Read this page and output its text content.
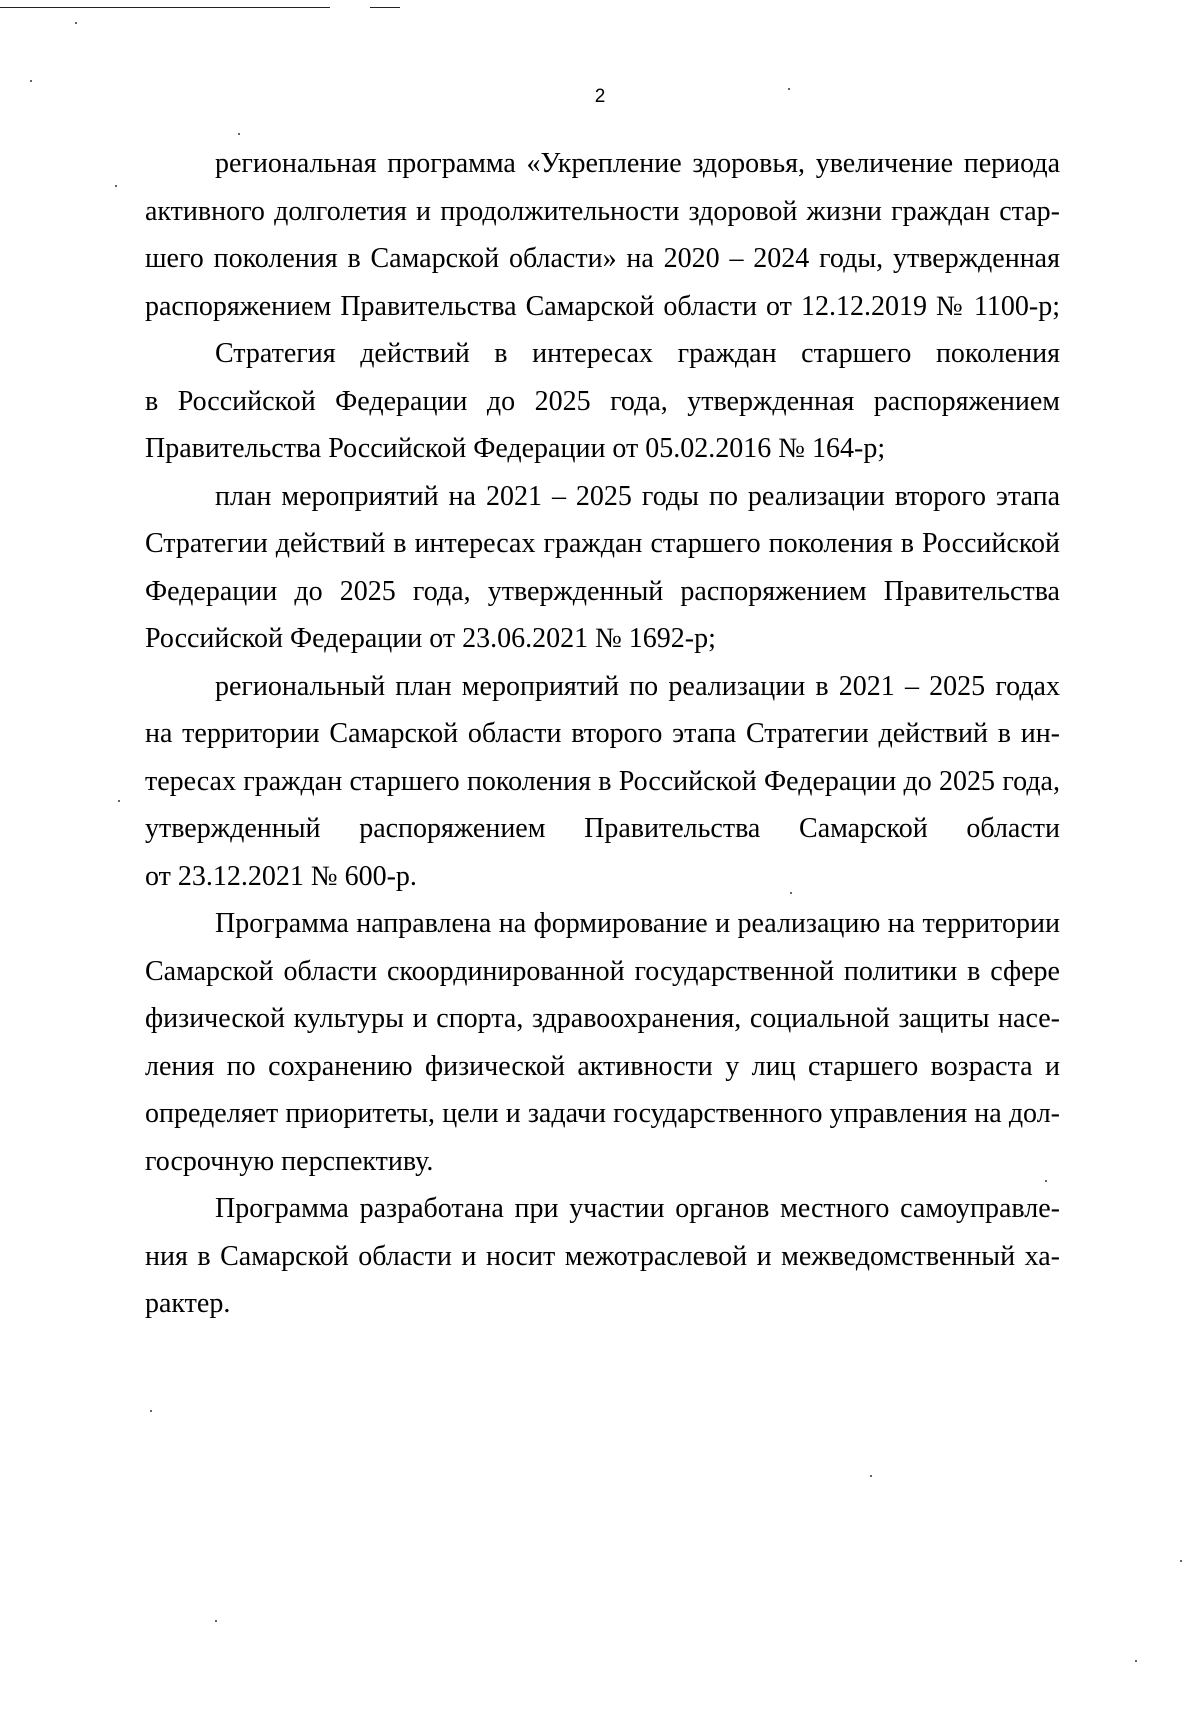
2

региональная программа «Укрепление здоровья, увеличение периода
активного долголетия и продолжительности здоровой жизни граждан стар-
шего поколения в Самарской области» на 2020 – 2024 годы, утвержденная
распоряжением Правительства Самарской области от 12.12.2019 № 1100-р;

Стратегия действий в интересах граждан старшего поколения
в Российской Федерации до 2025 года, утвержденная распоряжением
Правительства Российской Федерации от 05.02.2016 № 164-р;

план мероприятий на 2021 – 2025 годы по реализации второго этапа
Стратегии действий в интересах граждан старшего поколения в Российской
Федерации до 2025 года, утвержденный распоряжением Правительства
Российской Федерации от 23.06.2021 № 1692-р;

региональный план мероприятий по реализации в 2021 – 2025 годах
на территории Самарской области второго этапа Стратегии действий в ин-
тересах граждан старшего поколения в Российской Федерации до 2025 года,
утвержденный распоряжением Правительства Самарской области
от 23.12.2021 № 600-р.

Программа направлена на формирование и реализацию на территории
Самарской области скоординированной государственной политики в сфере
физической культуры и спорта, здравоохранения, социальной защиты насе-
ления по сохранению физической активности у лиц старшего возраста и
определяет приоритеты, цели и задачи государственного управления на дол-
госрочную перспективу.

Программа разработана при участии органов местного самоуправле-
ния в Самарской области и носит межотраслевой и межведомственный ха-
рактер.
